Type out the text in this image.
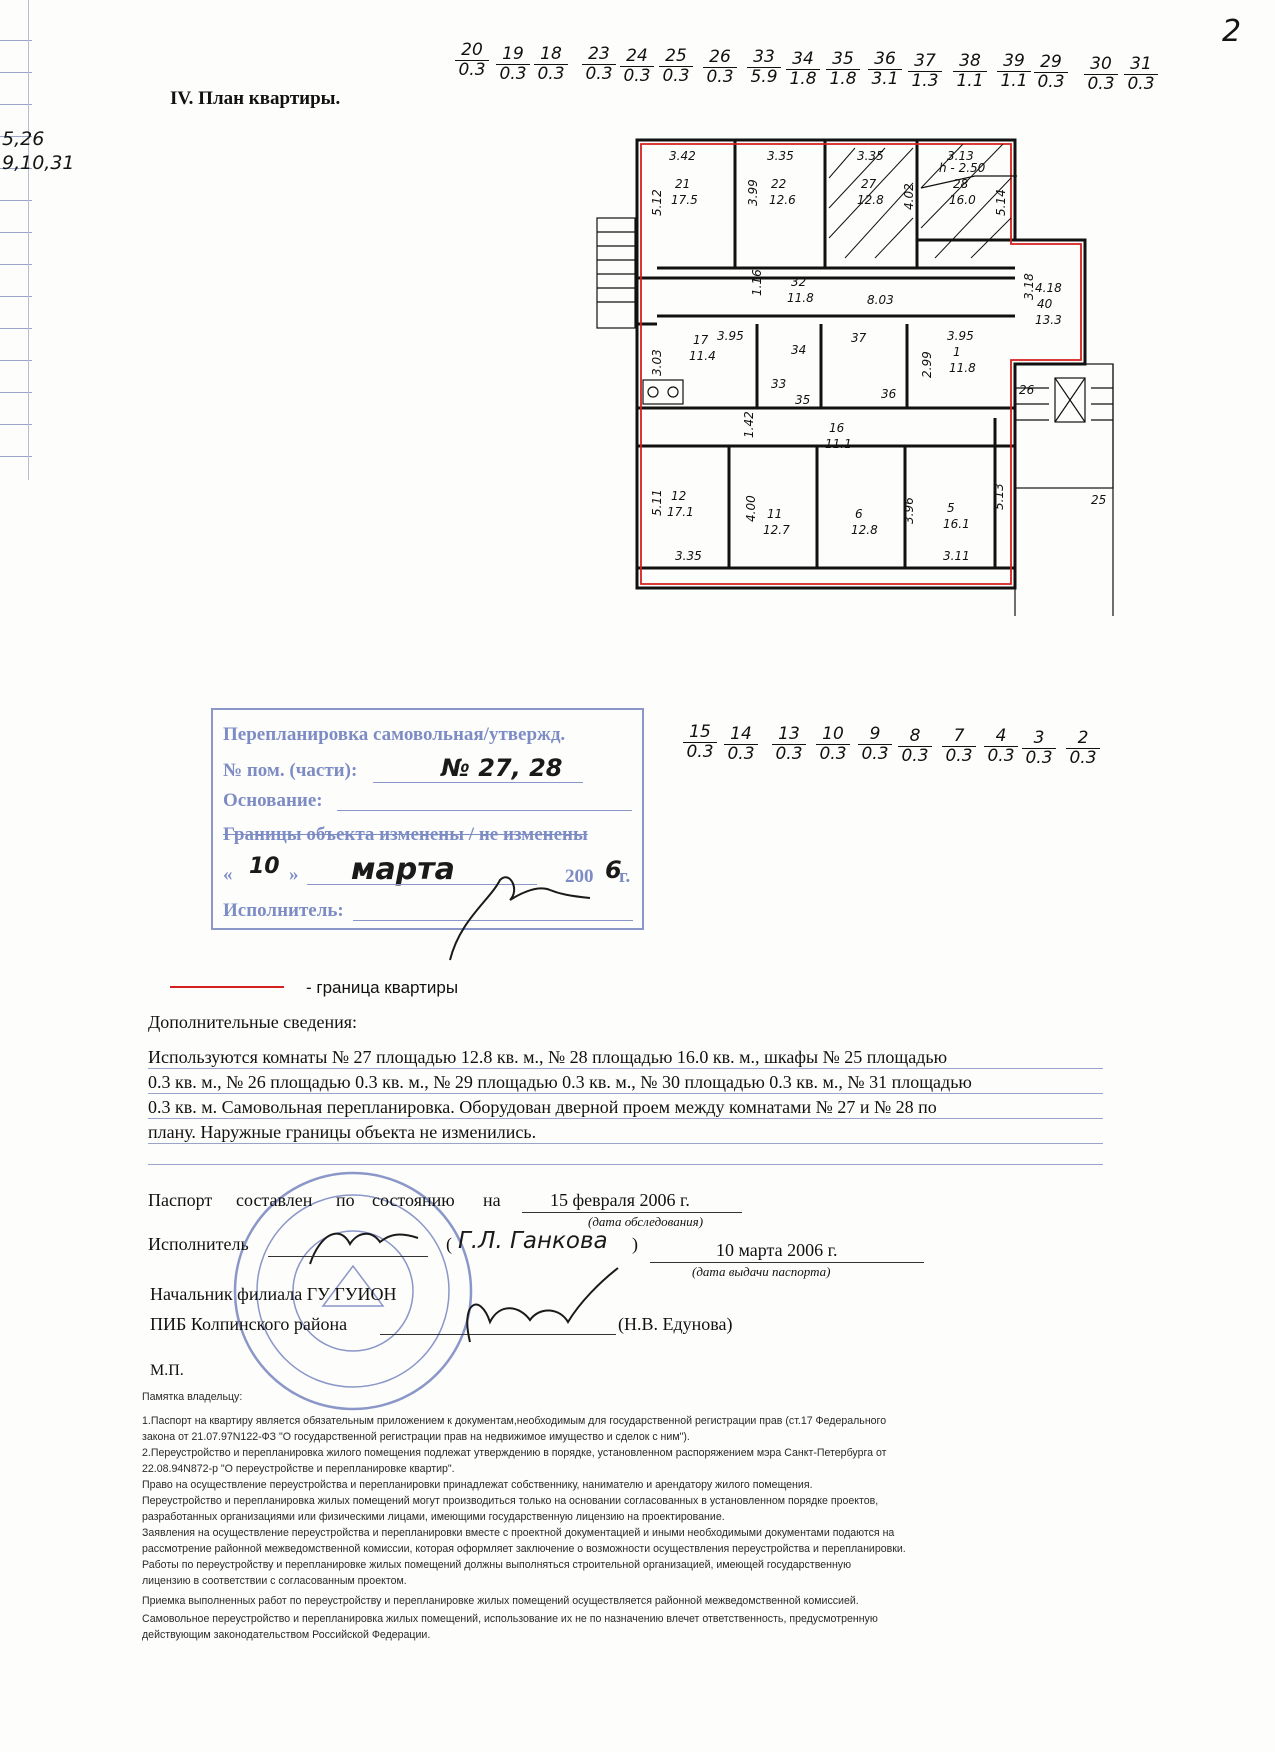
5,26
9,10,31
2
IV. План квартиры.
$\frac{20}{0.3} \frac{19}{0.3} \frac{18}{0.3} \frac{23}{0.3} \frac{24}{0.3} \frac{25}{0.3} \frac{26}{0.3} \frac{33}{5.9} \frac{34}{1.8} \frac{35}{1.8} \frac{36}{3.1} \frac{37}{1.3} \frac{38}{1.1} \frac{39}{1.1} \frac{29}{0.3} \frac{30}{0.3} \frac{31}{0.3}$
h - 2.50
21
17.5
22
12.6
27
12.8
28
16.0
32
11.8	40
13.3
17
11.4	1
11.8
16
11.1
12
17.1	11
12.7
6
12.8
5
16.1
3.42	3.35	3.35	3.13
5.12	3.99	4.02	5.14
4.18
3.18
8.03
3.95	3.95
3.03	2.99
3.35	3.11
5.11	4.00	3.96
5.13
1.42
1.16
34
37
33
35	36	26
25
$\frac{15}{0.3} \frac{14}{0.3} \frac{13}{0.3} \frac{10}{0.3} \frac{9}{0.3} \frac{8}{0.3} \frac{7}{0.3} \frac{4}{0.3} \frac{3}{0.3} \frac{2}{0.3}$
Перепланировка самовольная/утвержд.
№ пом. (части):	№ 27, 28
Основание:
Границы объекта изменены / не изменены
« 10 » марта	200 6
г.
Исполнитель:
- граница квартиры
Дополнительные сведения:
Используются комнаты № 27 площадью 12.8 кв. м., № 28 площадью 16.0 кв. м., шкафы № 25 площадью
0.3 кв. м., № 26 площадью 0.3 кв. м., № 29 площадью 0.3 кв. м., № 30 площадью 0.3 кв. м., № 31 площадью
0.3 кв. м. Самовольная перепланировка. Оборудован дверной проем между комнатами № 27 и № 28 по
плану. Наружные границы объекта не изменились.
Паспорт составлен по состоянию на	15 февраля 2006 г.
(дата обследования)
Исполнитель	( Г.Л. Ганкова )	10 марта 2006 г.
(дата выдачи паспорта)
Начальник филиала ГУ ГУИОН
ПИБ Колпинского района	(Н.В. Едунова)
М.П.
Памятка владельцу:
1.Паспорт на квартиру является обязательным приложением к документам,необходимым для государственной регистрации прав (ст.17 Федерального
закона от 21.07.97N122-ФЗ "О государственной регистрации прав на недвижимое имущество и сделок с ним").
2.Переустройство и перепланировка жилого помещения подлежат утверждению в порядке, установленном распоряжением мэра Санкт-Петербурга от
22.08.94N872-р "О переустройстве и перепланировке квартир".
Право на осуществление переустройства и перепланировки принадлежат собственнику, нанимателю и арендатору жилого помещения.
Переустройство и перепланировка жилых помещений могут производиться только на основании согласованных в установленном порядке проектов,
разработанных организациями или физическими лицами, имеющими государственную лицензию на проектирование.
Заявления на осуществление переустройства и перепланировки вместе с проектной документацией и иными необходимыми документами подаются на
рассмотрение районной межведомственной комиссии, которая оформляет заключение о возможности осуществления переустройства и перепланировки.
Работы по переустройству и перепланировке жилых помещений должны выполняться строительной организацией, имеющей государственную
лицензию в соответствии с согласованным проектом.
Приемка выполненных работ по переустройству и перепланировке жилых помещений осуществляется районной межведомственной комиссией.
Самовольное переустройство и перепланировка жилых помещений, использование их не по назначению влечет ответственность, предусмотренную
действующим законодательством Российской Федерации.
